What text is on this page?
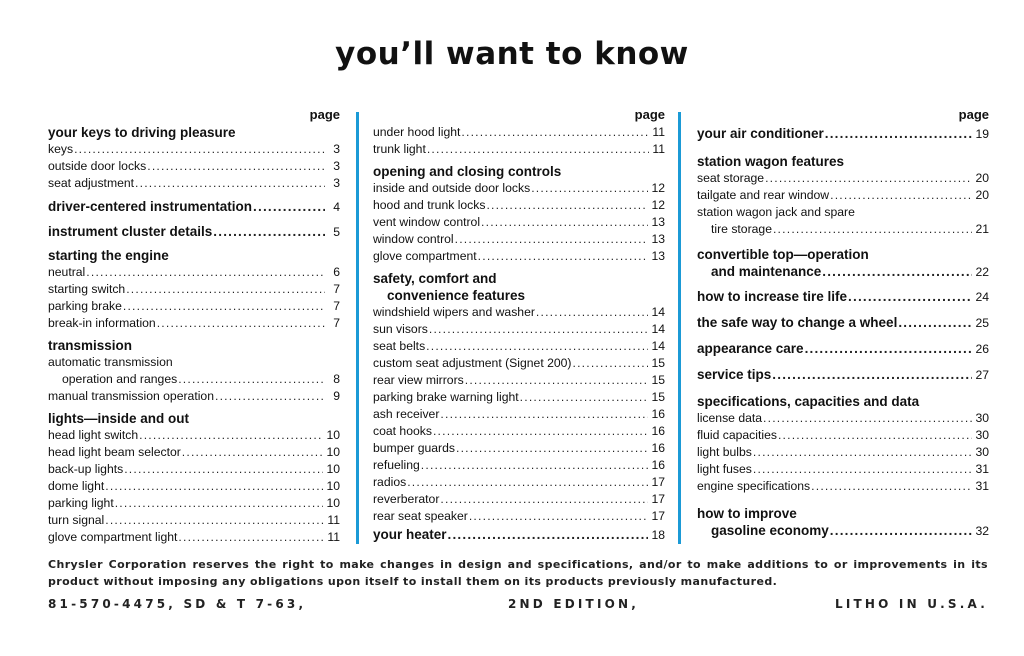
you’ll want to know
page
your keys to driving pleasure
keys .....	3
outside door locks .....	3
seat adjustment .....	3
driver-centered instrumentation .....	4
instrument cluster details .....	5
starting the engine
neutral .....	6
starting switch .....	7
parking brake .....	7
break-in information .....	7
transmission
automatic transmission
operation and ranges .....	8
manual transmission operation .....	9
lights—inside and out
head light switch .....	10
head light beam selector .....	10
back-up lights .....	10
dome light .....	10
parking light .....	10
turn signal .....	11
glove compartment light .....	11
page
under hood light .....	11
trunk light .....	11
opening and closing controls
inside and outside door locks .....	12
hood and trunk locks .....	12
vent window control .....	13
window control .....	13
glove compartment .....	13
safety, comfort and
convenience features
windshield wipers and washer .....	14
sun visors .....	14
seat belts .....	14
custom seat adjustment (Signet 200) .....	15
rear view mirrors .....	15
parking brake warning light .....	15
ash receiver .....	16
coat hooks .....	16
bumper guards .....	16
refueling .....	16
radios .....	17
reverberator .....	17
rear seat speaker .....	17
your heater .....	18
page
your air conditioner .....	19
station wagon features
seat storage .....	20
tailgate and rear window .....	20
station wagon jack and spare
tire storage .....	21
convertible top—operation
and maintenance .....	22
how to increase tire life .....	24
the safe way to change a wheel .....	25
appearance care .....	26
service tips .....	27
specifications, capacities and data
license data .....	30
fluid capacities .....	30
light bulbs .....	30
light fuses .....	31
engine specifications .....	31
how to improve
gasoline economy .....	32
Chrysler Corporation reserves the right to make changes in design and specifications, and/or to make additions to or improvements in its product without imposing any obligations upon itself to install them on its products previously manufactured.
81-570-4475, SD & T 7-63,	2ND EDITION,	LITHO IN U.S.A.
